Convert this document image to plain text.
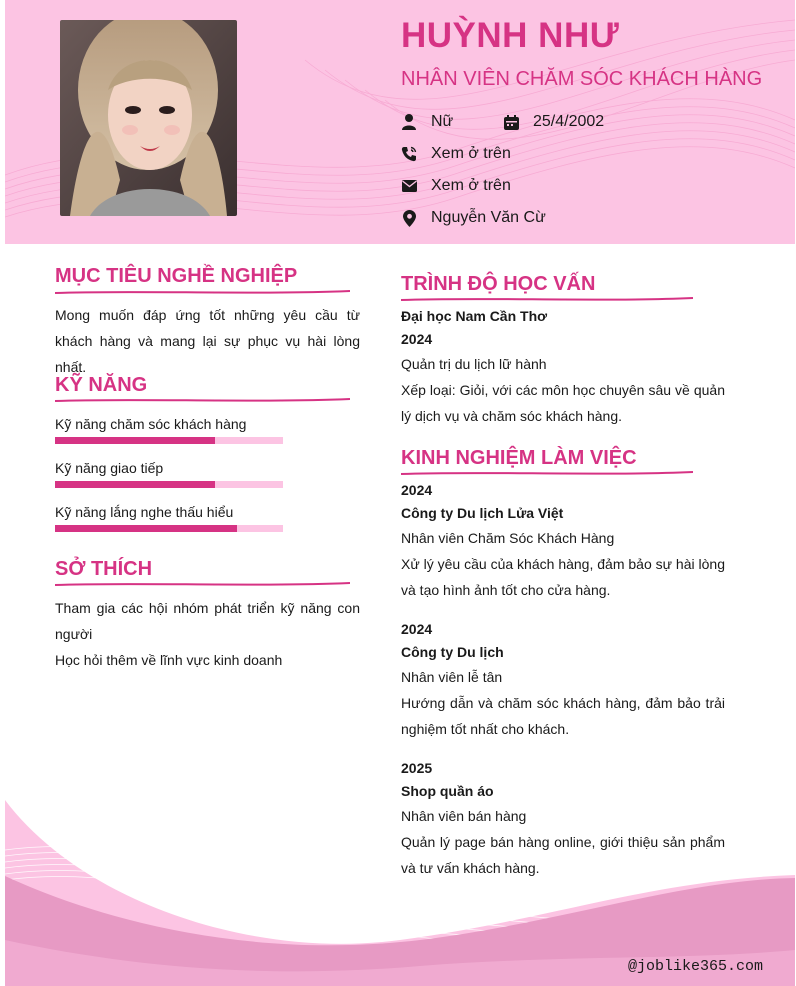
HUỲNH NHƯ
NHÂN VIÊN CHĂM SÓC KHÁCH HÀNG
Nữ	25/4/2002
Xem ở trên
Xem ở trên
Nguyễn Văn Cừ
MỤC TIÊU NGHỀ NGHIỆP
Mong muốn đáp ứng tốt những yêu cầu từ khách hàng và mang lại sự phục vụ hài lòng nhất.
KỸ NĂNG
Kỹ năng chăm sóc khách hàng
Kỹ năng giao tiếp
Kỹ năng lắng nghe thấu hiểu
SỞ THÍCH
Tham gia các hội nhóm phát triển kỹ năng con người
Học hỏi thêm về lĩnh vực kinh doanh
TRÌNH ĐỘ HỌC VẤN
Đại học Nam Cần Thơ
2024
Quản trị du lịch lữ hành
Xếp loại: Giỏi, với các môn học chuyên sâu về quản lý dịch vụ và chăm sóc khách hàng.
KINH NGHIỆM LÀM VIỆC
2024
Công ty Du lịch Lửa Việt
Nhân viên Chăm Sóc Khách Hàng
Xử lý yêu cầu của khách hàng, đảm bảo sự hài lòng và tạo hình ảnh tốt cho cửa hàng.
2024
Công ty Du lịch
Nhân viên lễ tân
Hướng dẫn và chăm sóc khách hàng, đảm bảo trải nghiệm tốt nhất cho khách.
2025
Shop quần áo
Nhân viên bán hàng
Quản lý page bán hàng online, giới thiệu sản phẩm và tư vấn khách hàng.
@joblike365.com
